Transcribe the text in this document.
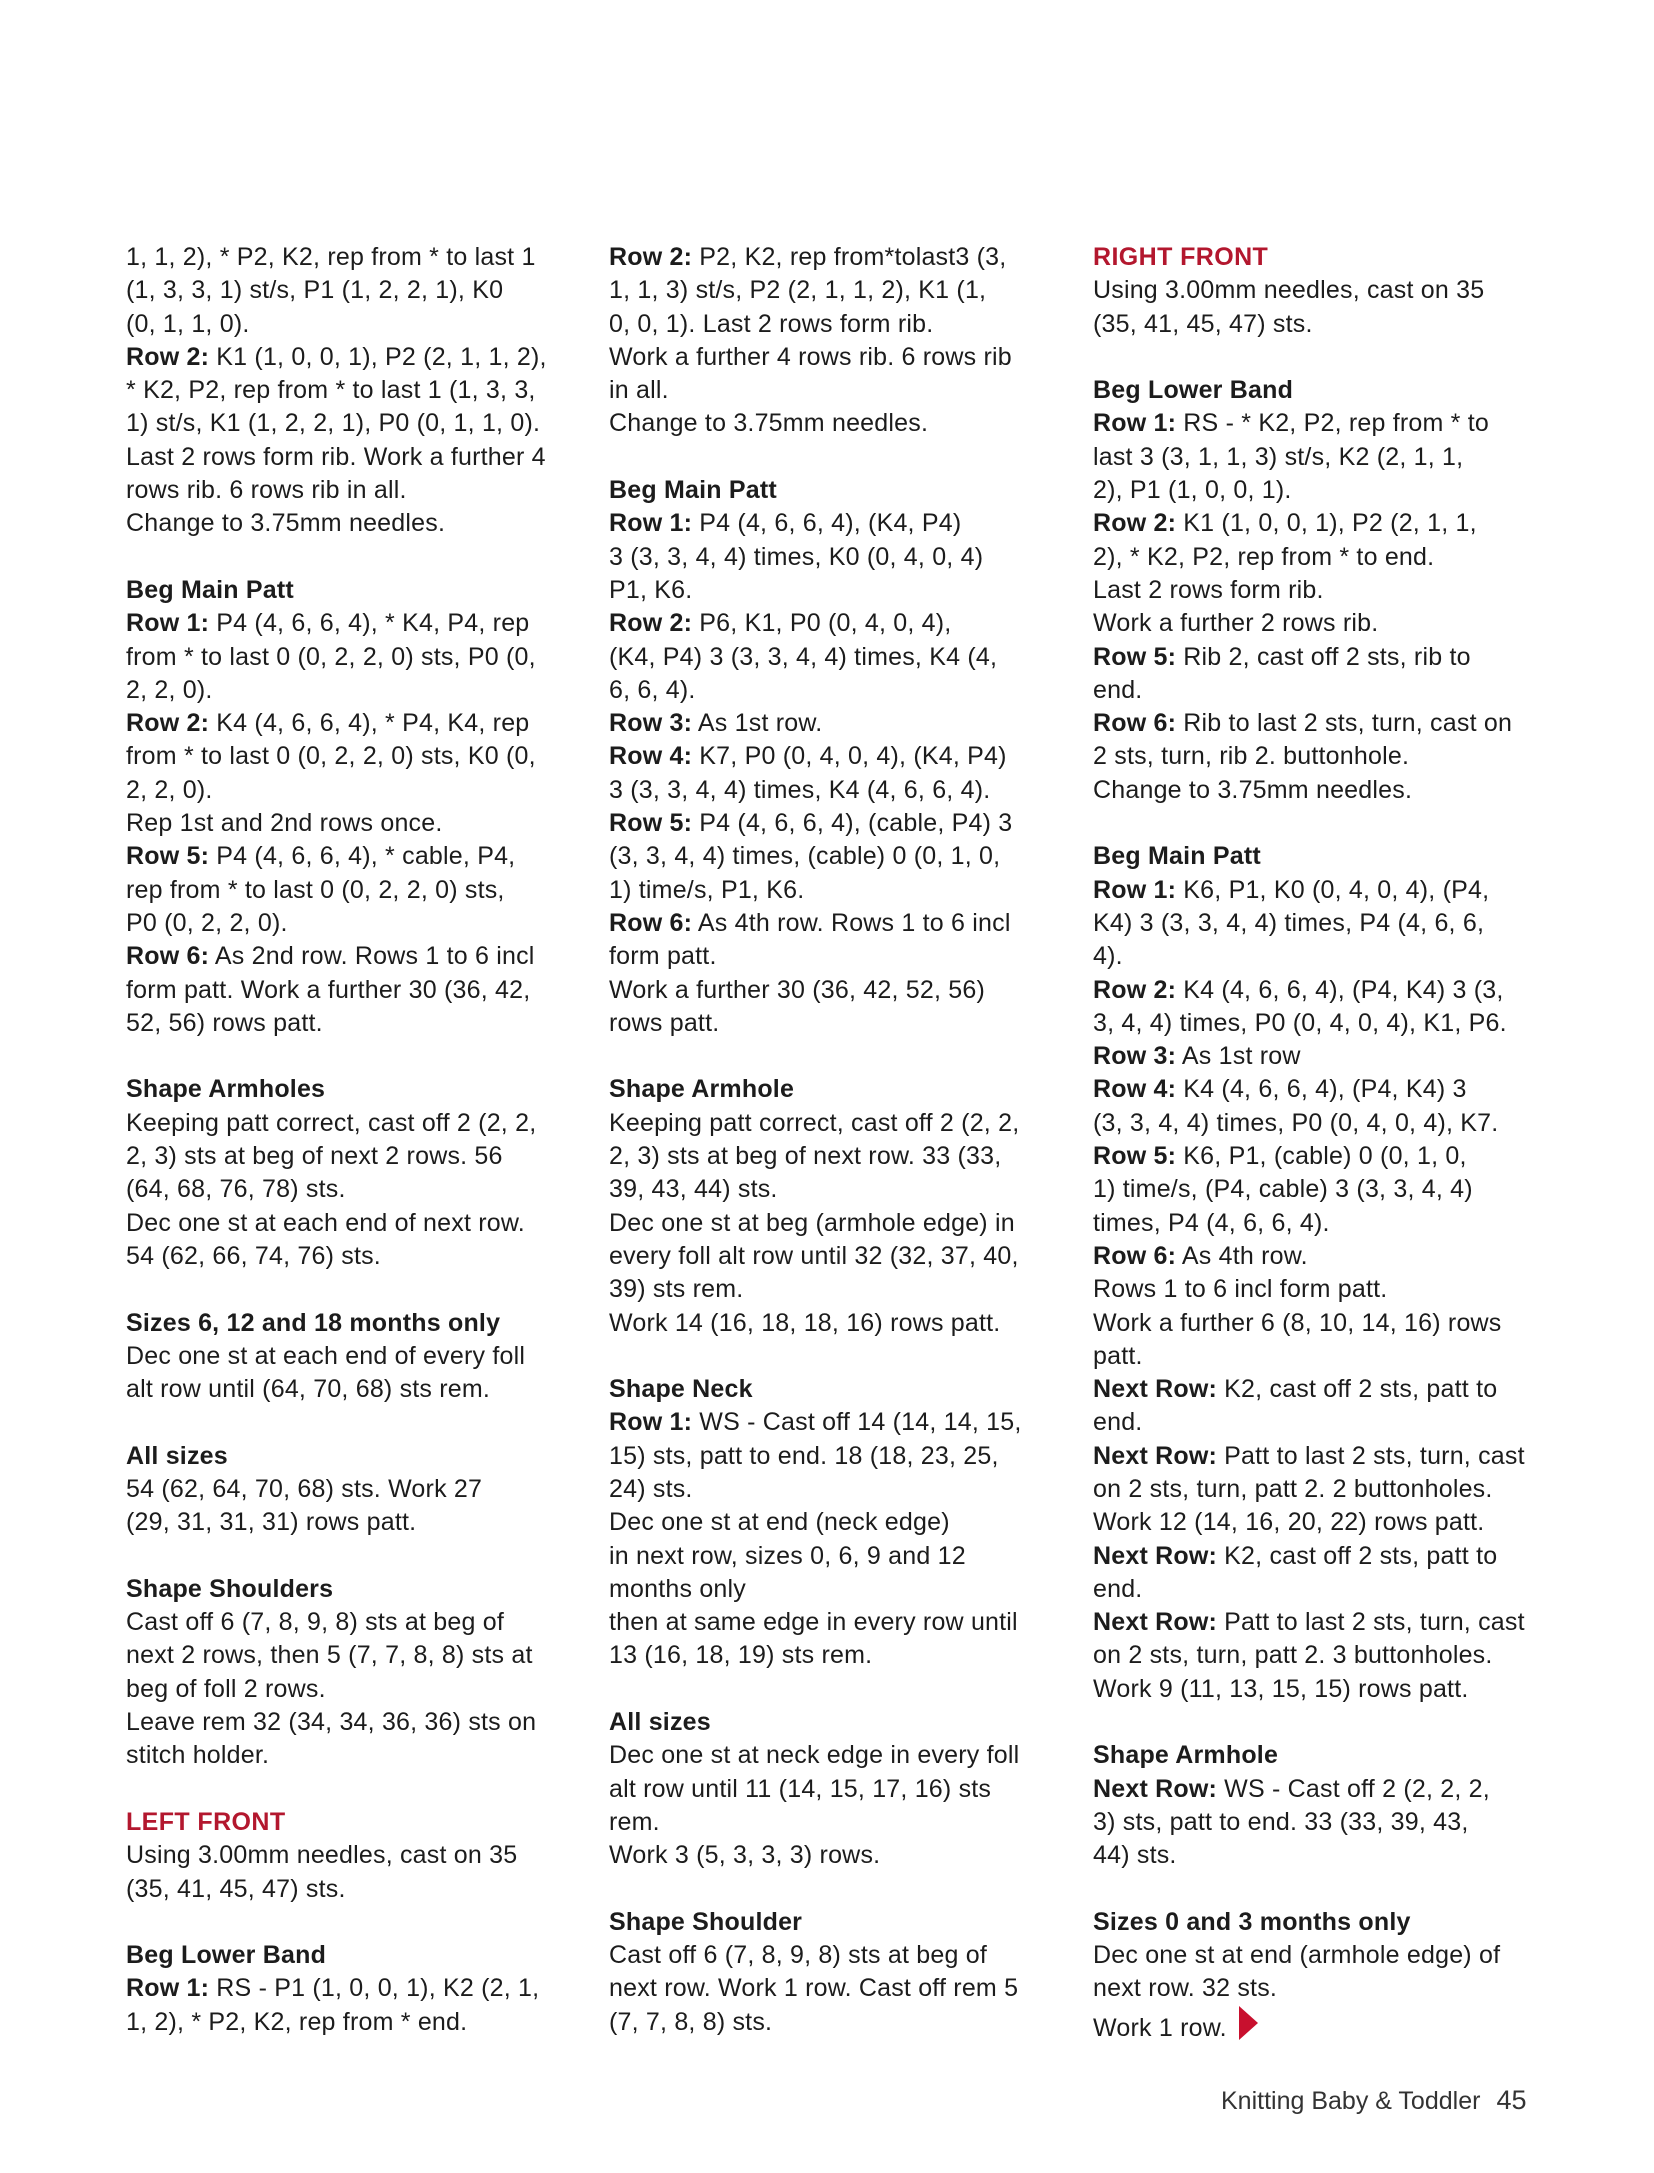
1, 1, 2), * P2, K2, rep from * to last 1
(1, 3, 3, 1) st/s, P1 (1, 2, 2, 1), K0
(0, 1, 1, 0).
Row 2: K1 (1, 0, 0, 1), P2 (2, 1, 1, 2),
* K2, P2, rep from * to last 1 (1, 3, 3,
1) st/s, K1 (1, 2, 2, 1), P0 (0, 1, 1, 0).
Last 2 rows form rib. Work a further 4
rows rib. 6 rows rib in all.
Change to 3.75mm needles.
Beg Main Patt
Row 1: P4 (4, 6, 6, 4), * K4, P4, rep
from * to last 0 (0, 2, 2, 0) sts, P0 (0,
2, 2, 0).
Row 2: K4 (4, 6, 6, 4), * P4, K4, rep
from * to last 0 (0, 2, 2, 0) sts, K0 (0,
2, 2, 0).
Rep 1st and 2nd rows once.
Row 5: P4 (4, 6, 6, 4), * cable, P4,
rep from * to last 0 (0, 2, 2, 0) sts,
P0 (0, 2, 2, 0).
Row 6: As 2nd row. Rows 1 to 6 incl
form patt. Work a further 30 (36, 42,
52, 56) rows patt.
Shape Armholes
Keeping patt correct, cast off 2 (2, 2,
2, 3) sts at beg of next 2 rows. 56
(64, 68, 76, 78) sts.
Dec one st at each end of next row.
54 (62, 66, 74, 76) sts.
Sizes 6, 12 and 18 months only
Dec one st at each end of every foll
alt row until (64, 70, 68) sts rem.
All sizes
54 (62, 64, 70, 68) sts. Work 27
(29, 31, 31, 31) rows patt.
Shape Shoulders
Cast off 6 (7, 8, 9, 8) sts at beg of
next 2 rows, then 5 (7, 7, 8, 8) sts at
beg of foll 2 rows.
Leave rem 32 (34, 34, 36, 36) sts on
stitch holder.
LEFT FRONT
Using 3.00mm needles, cast on 35
(35, 41, 45, 47) sts.
Beg Lower Band
Row 1: RS - P1 (1, 0, 0, 1), K2 (2, 1,
1, 2), * P2, K2, rep from * end.
Row 2: P2, K2, rep from*tolast3 (3,
1, 1, 3) st/s, P2 (2, 1, 1, 2), K1 (1,
0, 0, 1). Last 2 rows form rib.
Work a further 4 rows rib. 6 rows rib
in all.
Change to 3.75mm needles.
Beg Main Patt
Row 1: P4 (4, 6, 6, 4), (K4, P4)
3 (3, 3, 4, 4) times, K0 (0, 4, 0, 4)
P1, K6.
Row 2: P6, K1, P0 (0, 4, 0, 4),
(K4, P4) 3 (3, 3, 4, 4) times, K4 (4,
6, 6, 4).
Row 3: As 1st row.
Row 4: K7, P0 (0, 4, 0, 4), (K4, P4)
3 (3, 3, 4, 4) times, K4 (4, 6, 6, 4).
Row 5: P4 (4, 6, 6, 4), (cable, P4) 3
(3, 3, 4, 4) times, (cable) 0 (0, 1, 0,
1) time/s, P1, K6.
Row 6: As 4th row. Rows 1 to 6 incl
form patt.
Work a further 30 (36, 42, 52, 56)
rows patt.
Shape Armhole
Keeping patt correct, cast off 2 (2, 2,
2, 3) sts at beg of next row. 33 (33,
39, 43, 44) sts.
Dec one st at beg (armhole edge) in
every foll alt row until 32 (32, 37, 40,
39) sts rem.
Work 14 (16, 18, 18, 16) rows patt.
Shape Neck
Row 1: WS - Cast off 14 (14, 14, 15,
15) sts, patt to end. 18 (18, 23, 25,
24) sts.
Dec one st at end (neck edge)
in next row, sizes 0, 6, 9 and 12
months only
then at same edge in every row until
13 (16, 18, 19) sts rem.
All sizes
Dec one st at neck edge in every foll
alt row until 11 (14, 15, 17, 16) sts
rem.
Work 3 (5, 3, 3, 3) rows.
Shape Shoulder
Cast off 6 (7, 8, 9, 8) sts at beg of
next row. Work 1 row. Cast off rem 5
(7, 7, 8, 8) sts.
RIGHT FRONT
Using 3.00mm needles, cast on 35
(35, 41, 45, 47) sts.
Beg Lower Band
Row 1: RS - * K2, P2, rep from * to
last 3 (3, 1, 1, 3) st/s, K2 (2, 1, 1,
2), P1 (1, 0, 0, 1).
Row 2: K1 (1, 0, 0, 1), P2 (2, 1, 1,
2), * K2, P2, rep from * to end.
Last 2 rows form rib.
Work a further 2 rows rib.
Row 5: Rib 2, cast off 2 sts, rib to
end.
Row 6: Rib to last 2 sts, turn, cast on
2 sts, turn, rib 2. buttonhole.
Change to 3.75mm needles.
Beg Main Patt
Row 1: K6, P1, K0 (0, 4, 0, 4), (P4,
K4) 3 (3, 3, 4, 4) times, P4 (4, 6, 6,
4).
Row 2: K4 (4, 6, 6, 4), (P4, K4) 3 (3,
3, 4, 4) times, P0 (0, 4, 0, 4), K1, P6.
Row 3: As 1st row
Row 4: K4 (4, 6, 6, 4), (P4, K4) 3
(3, 3, 4, 4) times, P0 (0, 4, 0, 4), K7.
Row 5: K6, P1, (cable) 0 (0, 1, 0,
1) time/s, (P4, cable) 3 (3, 3, 4, 4)
times, P4 (4, 6, 6, 4).
Row 6: As 4th row.
Rows 1 to 6 incl form patt.
Work a further 6 (8, 10, 14, 16) rows
patt.
Next Row: K2, cast off 2 sts, patt to
end.
Next Row: Patt to last 2 sts, turn, cast
on 2 sts, turn, patt 2. 2 buttonholes.
Work 12 (14, 16, 20, 22) rows patt.
Next Row: K2, cast off 2 sts, patt to
end.
Next Row: Patt to last 2 sts, turn, cast
on 2 sts, turn, patt 2. 3 buttonholes.
Work 9 (11, 13, 15, 15) rows patt.
Shape Armhole
Next Row: WS - Cast off 2 (2, 2, 2,
3) sts, patt to end. 33 (33, 39, 43,
44) sts.
Sizes 0 and 3 months only
Dec one st at end (armhole edge) of
next row. 32 sts.
Work 1 row.
Knitting Baby & Toddler 45
